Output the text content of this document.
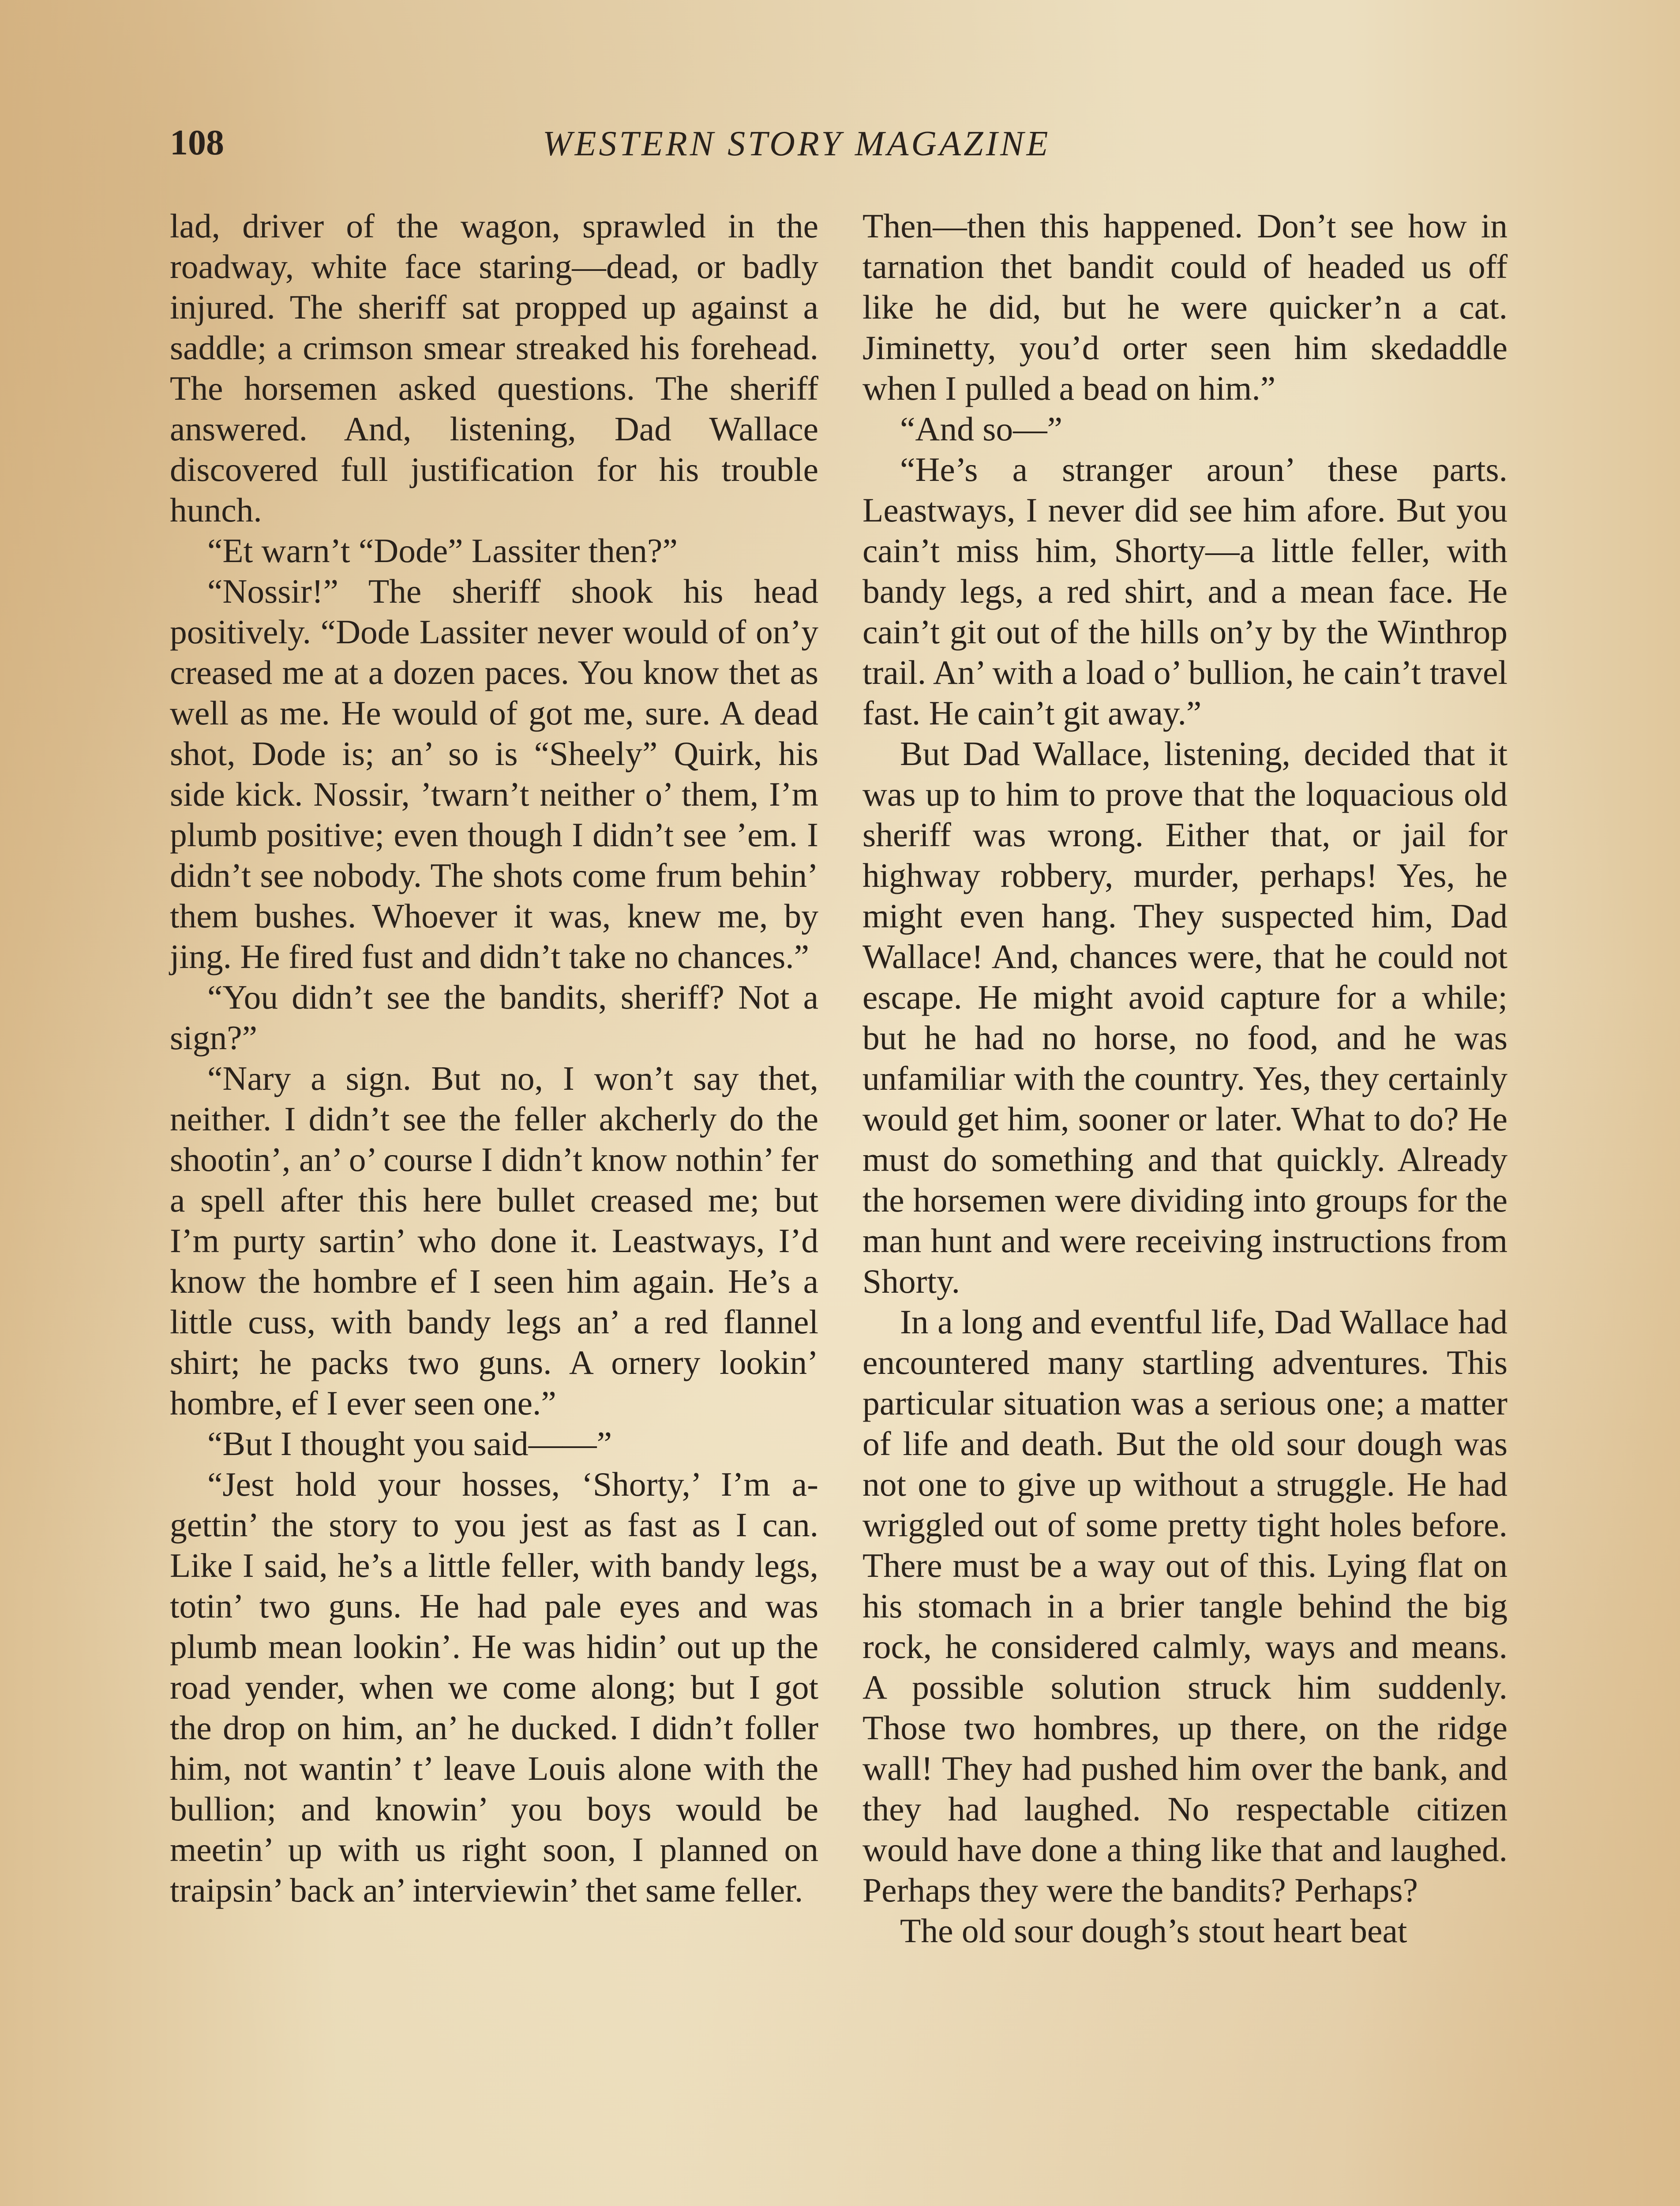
108	WESTERN STORY MAGAZINE

lad, driver of the wagon, sprawled in the roadway, white face staring—dead, or badly injured. The sheriff sat propped up against a saddle; a crimson smear streaked his forehead. The horsemen asked questions. The sheriff answered. And, listening, Dad Wallace discovered full justification for his trouble hunch.

“Et warn’t “Dode” Lassiter then?”

“Nossir!” The sheriff shook his head positively. “Dode Lassiter never would of on’y creased me at a dozen paces. You know thet as well as me. He would of got me, sure. A dead shot, Dode is; an’ so is “Sheely” Quirk, his side kick. Nossir, ’twarn’t neither o’ them, I’m plumb positive; even though I didn’t see ’em. I didn’t see nobody. The shots come frum behin’ them bushes. Whoever it was, knew me, by jing. He fired fust and didn’t take no chances.”

“You didn’t see the bandits, sheriff? Not a sign?”

“Nary a sign. But no, I won’t say thet, neither. I didn’t see the feller akcherly do the shootin’, an’ o’ course I didn’t know nothin’ fer a spell after this here bullet creased me; but I’m purty sartin’ who done it. Leastways, I’d know the hombre ef I seen him again. He’s a little cuss, with bandy legs an’ a red flannel shirt; he packs two guns. A ornery lookin’ hombre, ef I ever seen one.”

“But I thought you said——”

“Jest hold your hosses, ‘Shorty,’ I’m a-gettin’ the story to you jest as fast as I can. Like I said, he’s a little feller, with bandy legs, totin’ two guns. He had pale eyes and was plumb mean lookin’. He was hidin’ out up the road yender, when we come along; but I got the drop on him, an’ he ducked. I didn’t foller him, not wantin’ t’ leave Louis alone with the bullion; and knowin’ you boys would be meetin’ up with us right soon, I planned on traipsin’ back an’ interviewin’ thet same feller.

Then—then this happened. Don’t see how in tarnation thet bandit could of headed us off like he did, but he were quicker’n a cat. Jiminetty, you’d orter seen him skedaddle when I pulled a bead on him.”

“And so—”

“He’s a stranger aroun’ these parts. Leastways, I never did see him afore. But you cain’t miss him, Shorty—a little feller, with bandy legs, a red shirt, and a mean face. He cain’t git out of the hills on’y by the Winthrop trail. An’ with a load o’ bullion, he cain’t travel fast. He cain’t git away.”

But Dad Wallace, listening, decided that it was up to him to prove that the loquacious old sheriff was wrong. Either that, or jail for highway robbery, murder, perhaps! Yes, he might even hang. They suspected him, Dad Wallace! And, chances were, that he could not escape. He might avoid capture for a while; but he had no horse, no food, and he was unfamiliar with the country. Yes, they certainly would get him, sooner or later. What to do? He must do something and that quickly. Already the horsemen were dividing into groups for the man hunt and were receiving instructions from Shorty.

In a long and eventful life, Dad Wallace had encountered many startling adventures. This particular situation was a serious one; a matter of life and death. But the old sour dough was not one to give up without a struggle. He had wriggled out of some pretty tight holes before. There must be a way out of this. Lying flat on his stomach in a brier tangle behind the big rock, he considered calmly, ways and means. A possible solution struck him suddenly. Those two hombres, up there, on the ridge wall! They had pushed him over the bank, and they had laughed. No respectable citizen would have done a thing like that and laughed. Perhaps they were the bandits? Perhaps?

The old sour dough’s stout heart beat
